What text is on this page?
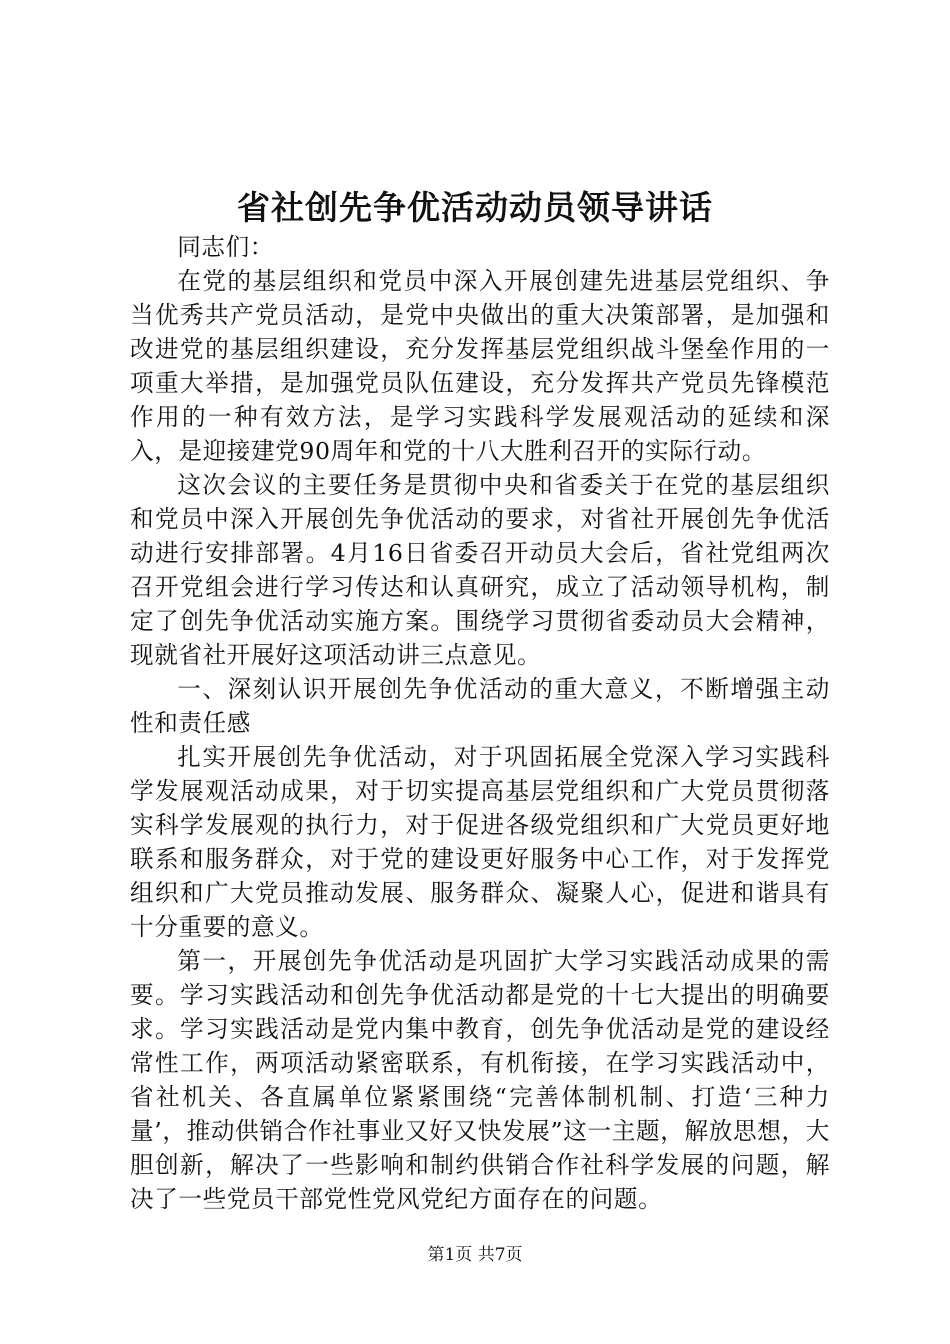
省社创先争优活动动员领导讲话

同志们：

在党的基层组织和党员中深入开展创建先进基层党组织、争当优秀共产党员活动，是党中央做出的重大决策部署，是加强和改进党的基层组织建设，充分发挥基层党组织战斗堡垒作用的一项重大举措，是加强党员队伍建设，充分发挥共产党员先锋模范作用的一种有效方法，是学习实践科学发展观活动的延续和深入，是迎接建党90周年和党的十八大胜利召开的实际行动。

这次会议的主要任务是贯彻中央和省委关于在党的基层组织和党员中深入开展创先争优活动的要求，对省社开展创先争优活动进行安排部署。4月16日省委召开动员大会后，省社党组两次召开党组会进行学习传达和认真研究，成立了活动领导机构，制定了创先争优活动实施方案。围绕学习贯彻省委动员大会精神，现就省社开展好这项活动讲三点意见。

一、深刻认识开展创先争优活动的重大意义，不断增强主动性和责任感

扎实开展创先争优活动，对于巩固拓展全党深入学习实践科学发展观活动成果，对于切实提高基层党组织和广大党员贯彻落实科学发展观的执行力，对于促进各级党组织和广大党员更好地联系和服务群众，对于党的建设更好服务中心工作，对于发挥党组织和广大党员推动发展、服务群众、凝聚人心，促进和谐具有十分重要的意义。

第一，开展创先争优活动是巩固扩大学习实践活动成果的需要。学习实践活动和创先争优活动都是党的十七大提出的明确要求。学习实践活动是党内集中教育，创先争优活动是党的建设经常性工作，两项活动紧密联系，有机衔接，在学习实践活动中，省社机关、各直属单位紧紧围绕“完善体制机制、打造‘三种力量’，推动供销合作社事业又好又快发展”这一主题，解放思想，大胆创新，解决了一些影响和制约供销合作社科学发展的问题，解决了一些党员干部党性党风党纪方面存在的问题。

第1页 共7页
